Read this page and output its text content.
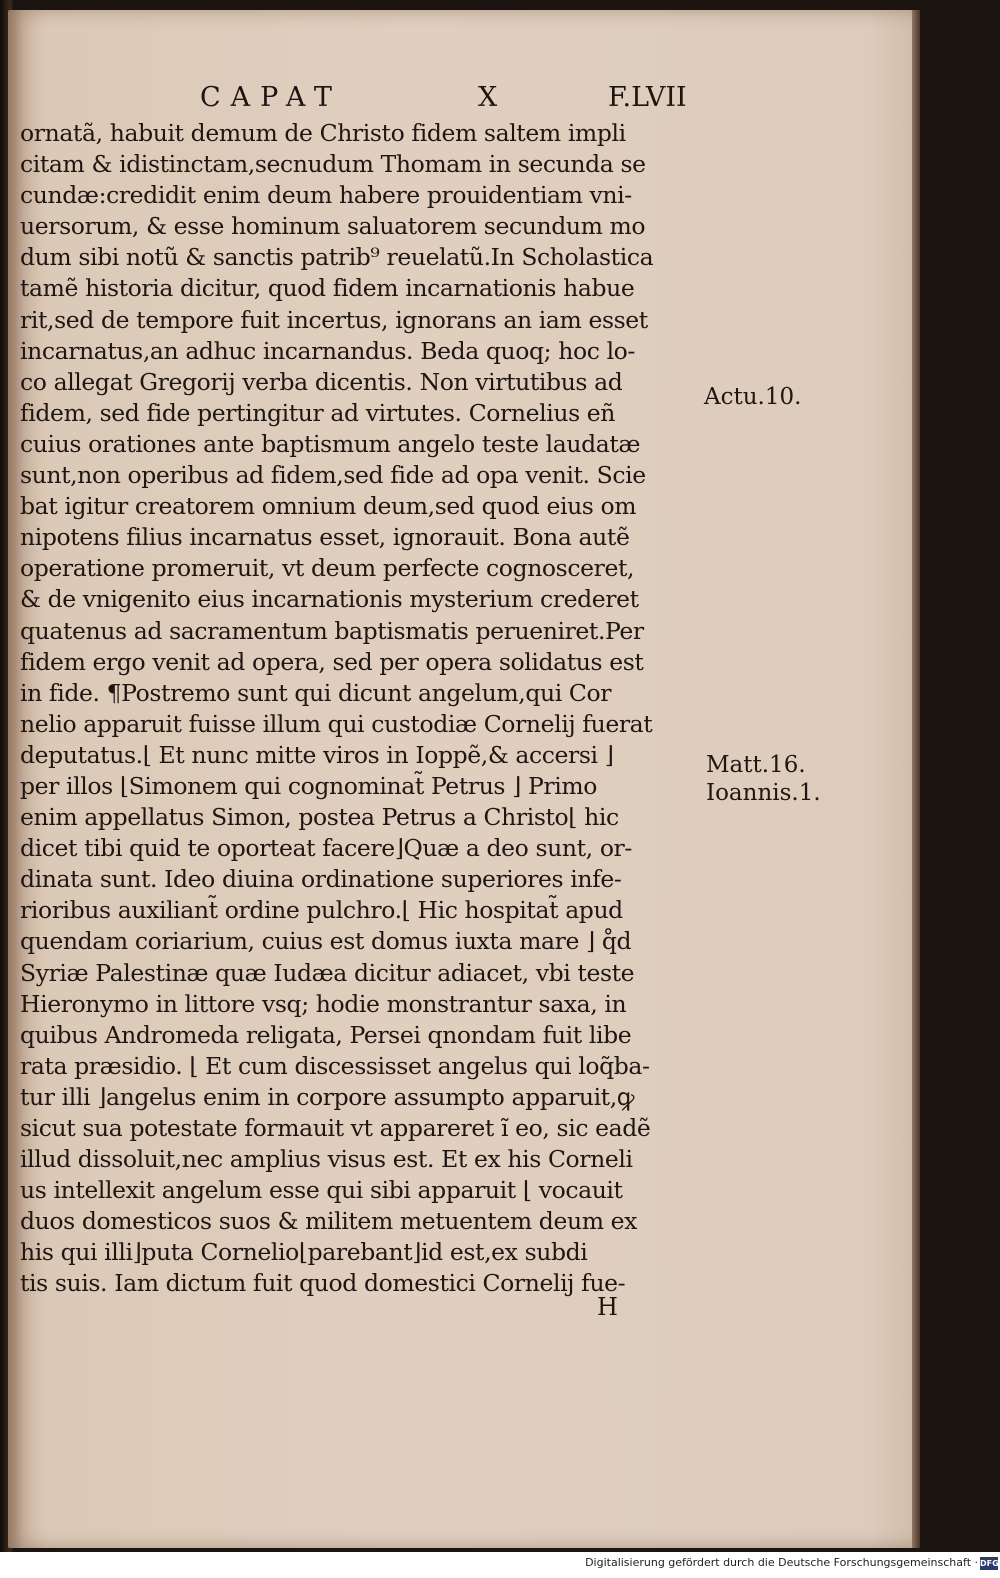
CAPAT	X	F.LVII
ornatã, habuit demum de Christo fidem saltem impli
citam & idistinctam,secnudum Thomam in secunda se
cundæ:credidit enim deum habere prouidentiam vni-
uersorum, & esse hominum saluatorem secundum mo
dum sibi notũ & sanctis patrib⁹ reuelatũ.In Scholastica
tamẽ historia dicitur, quod fidem incarnationis habue
rit,sed de tempore fuit incertus, ignorans an iam esset
incarnatus,an adhuc incarnandus. Beda quoq; hoc lo-
co allegat Gregorij verba dicentis. Non virtutibus ad
fidem, sed fide pertingitur ad virtutes. Cornelius eñ
cuius orationes ante baptismum angelo teste laudatæ
sunt,non operibus ad fidem,sed fide ad opa venit. Scie
bat igitur creatorem omnium deum,sed quod eius om
nipotens filius incarnatus esset, ignorauit. Bona autẽ
operatione promeruit, vt deum perfecte cognosceret,
& de vnigenito eius incarnationis mysterium crederet
quatenus ad sacramentum baptismatis perueniret.Per
fidem ergo venit ad opera, sed per opera solidatus est
in fide. ¶Postremo sunt qui dicunt angelum,qui Cor
nelio apparuit fuisse illum qui custodiæ Cornelij fuerat
deputatus.⌊ Et nunc mitte viros in Ioppẽ,& accersi ⌋
per illos ⌊Simonem qui cognominat̃ Petrus ⌋ Primo
enim appellatus Simon, postea Petrus a Christo⌊ hic
dicet tibi quid te oporteat facere⌋Quæ a deo sunt, or-
dinata sunt. Ideo diuina ordinatione superiores infe-
rioribus auxiliant̃ ordine pulchro.⌊ Hic hospitat̃ apud
quendam coriarium, cuius est domus iuxta mare ⌋ q̊d
Syriæ Palestinæ quæ Iudæa dicitur adiacet, vbi teste
Hieronymo in littore vsq; hodie monstrantur saxa, in
quibus Andromeda religata, Persei qnondam fuit libe
rata præsidio. ⌊ Et cum discessisset angelus qui loq̃ba-
tur illi ⌋angelus enim in corpore assumpto apparuit,ꝙ
sicut sua potestate formauit vt appareret ĩ eo, sic eadẽ
illud dissoluit,nec amplius visus est. Et ex his Corneli
us intellexit angelum esse qui sibi apparuit ⌊ vocauit
duos domesticos suos & militem metuentem deum ex
his qui illi⌋puta Cornelio⌊parebant⌋id est,ex subdi
tis suis. Iam dictum fuit quod domestici Cornelij fue-
H
Actu.10.
Matt.16.
Ioannis.1.
Digitalisierung gefördert durch die Deutsche Forschungsgemeinschaft · DFG
